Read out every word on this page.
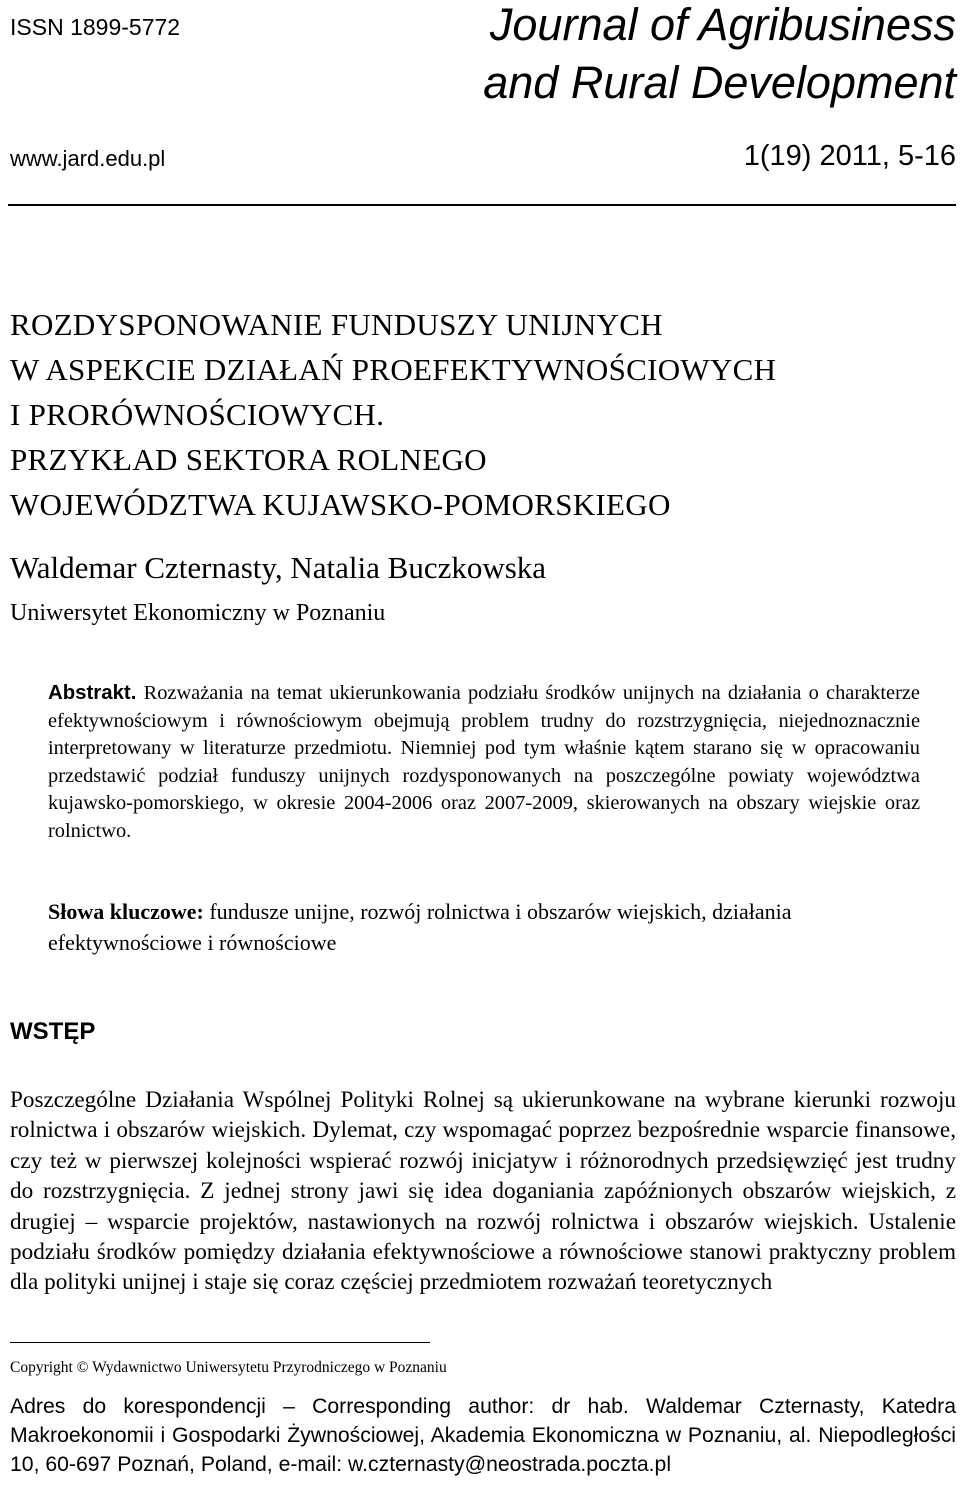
ISSN 1899-5772	Journal of Agribusiness
and Rural Development
www.jard.edu.pl	1(19) 2011, 5-16
ROZDYSPONOWANIE FUNDUSZY UNIJNYCH
W ASPEKCIE DZIAŁAŃ PROEFEKTYWNOŚCIOWYCH
I PRORÓWNOŚCIOWYCH.
PRZYKŁAD SEKTORA ROLNEGO
WOJEWÓDZTWA KUJAWSKO-POMORSKIEGO
Waldemar Czternasty, Natalia Buczkowska
Uniwersytet Ekonomiczny w Poznaniu
Abstrakt. Rozważania na temat ukierunkowania podziału środków unijnych na działania o charakterze efektywnościowym i równościowym obejmują problem trudny do rozstrzygnięcia, niejednoznacznie interpretowany w literaturze przedmiotu. Niemniej pod tym właśnie kątem starano się w opracowaniu przedstawić podział funduszy unijnych rozdysponowanych na poszczególne powiaty województwa kujawsko-pomorskiego, w okresie 2004-2006 oraz 2007-2009, skierowanych na obszary wiejskie oraz rolnictwo.
Słowa kluczowe: fundusze unijne, rozwój rolnictwa i obszarów wiejskich, działania efektywnościowe i równościowe
WSTĘP
Poszczególne Działania Wspólnej Polityki Rolnej są ukierunkowane na wybrane kierunki rozwoju rolnictwa i obszarów wiejskich. Dylemat, czy wspomagać poprzez bezpośrednie wsparcie finansowe, czy też w pierwszej kolejności wspierać rozwój inicjatyw i różnorodnych przedsięwzięć jest trudny do rozstrzygnięcia. Z jednej strony jawi się idea doganiania zapóźnionych obszarów wiejskich, z drugiej – wsparcie projektów, nastawionych na rozwój rolnictwa i obszarów wiejskich. Ustalenie podziału środków pomiędzy działania efektywnościowe a równościowe stanowi praktyczny problem dla polityki unijnej i staje się coraz częściej przedmiotem rozważań teoretycznych
Copyright © Wydawnictwo Uniwersytetu Przyrodniczego w Poznaniu
Adres do korespondencji – Corresponding author: dr hab. Waldemar Czternasty, Katedra Makroekonomii i Gospodarki Żywnościowej, Akademia Ekonomiczna w Poznaniu, al. Niepodległości 10, 60-697 Poznań, Poland, e-mail: w.czternasty@neostrada.poczta.pl
